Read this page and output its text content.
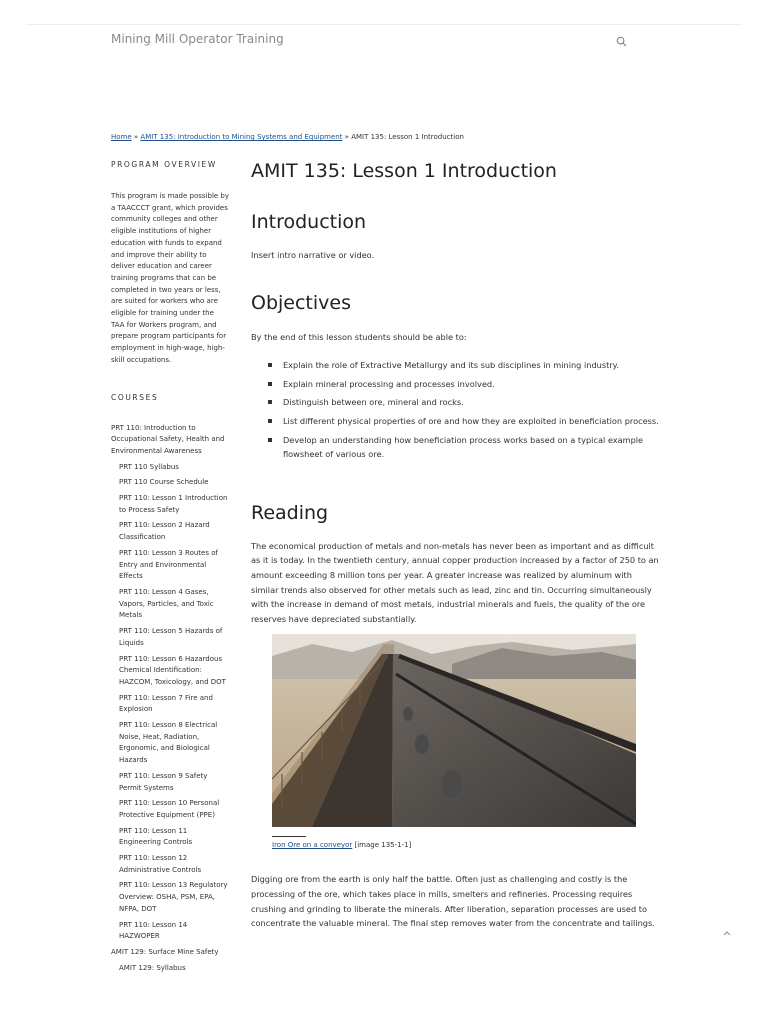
Mining Mill Operator Training
Home » AMIT 135: Introduction to Mining Systems and Equipment » AMIT 135: Lesson 1 Introduction
PROGRAM OVERVIEW
This program is made possible by a TAACCCT grant, which provides community colleges and other eligible institutions of higher education with funds to expand and improve their ability to deliver education and career training programs that can be completed in two years or less, are suited for workers who are eligible for training under the TAA for Workers program, and prepare program participants for employment in high-wage, high-skill occupations.
COURSES
PRT 110: Introduction to Occupational Safety, Health and Environmental Awareness
PRT 110 Syllabus
PRT 110 Course Schedule
PRT 110: Lesson 1 Introduction to Process Safety
PRT 110: Lesson 2 Hazard Classification
PRT 110: Lesson 3 Routes of Entry and Environmental Effects
PRT 110: Lesson 4 Gases, Vapors, Particles, and Toxic Metals
PRT 110: Lesson 5 Hazards of Liquids
PRT 110: Lesson 6 Hazardous Chemical Identification: HAZCOM, Toxicology, and DOT
PRT 110: Lesson 7 Fire and Explosion
PRT 110: Lesson 8 Electrical Noise, Heat, Radiation, Ergonomic, and Biological Hazards
PRT 110: Lesson 9 Safety Permit Systems
PRT 110: Lesson 10 Personal Protective Equipment (PPE)
PRT 110: Lesson 11 Engineering Controls
PRT 110: Lesson 12 Administrative Controls
PRT 110: Lesson 13 Regulatory Overview: OSHA, PSM, EPA, NFPA, DOT
PRT 110: Lesson 14 HAZWOPER
AMIT 129: Surface Mine Safety
AMIT 129: Syllabus
AMIT 135: Lesson 1 Introduction
Introduction

Insert intro narrative or video.

Objectives

By the end of this lesson students should be able to:

Explain the role of Extractive Metallurgy and its sub disciplines in mining industry.
Explain mineral processing and processes involved.
Distinguish between ore, mineral and rocks.
List different physical properties of ore and how they are exploited in beneficiation process.
Develop an understanding how beneficiation process works based on a typical example flowsheet of various ore.
Reading

The economical production of metals and non-metals has never been as important and as difficult as it is today. In the twentieth century, annual copper production increased by a factor of 250 to an amount exceeding 8 million tons per year. A greater increase was realized by aluminum with similar trends also observed for other metals such as lead, zinc and tin. Occurring simultaneously with the increase in demand of most metals, industrial minerals and fuels, the quality of the ore reserves have depreciated substantially.

Iron Ore on a conveyor [image 135-1-1]

Digging ore from the earth is only half the battle. Often just as challenging and costly is the processing of the ore, which takes place in mills, smelters and refineries. Processing requires crushing and grinding to liberate the minerals. After liberation, separation processes are used to concentrate the valuable mineral. The final step removes water from the concentrate and tailings.
